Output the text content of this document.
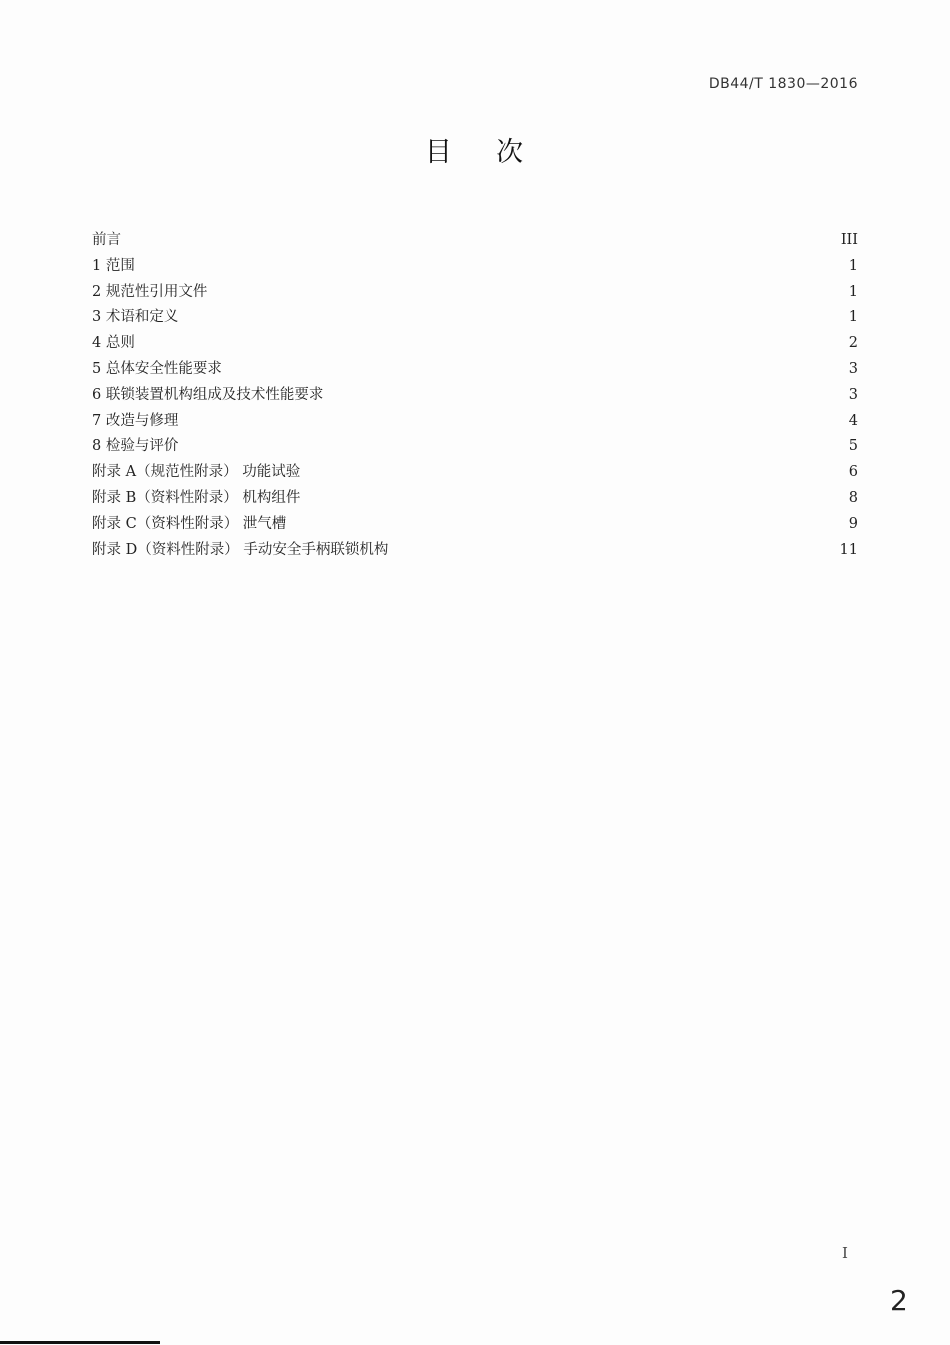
DB44/T 1830—2016
目    次
前言	III
1 范围	1
2 规范性引用文件	1
3 术语和定义	1
4 总则	2
5 总体安全性能要求	3
6 联锁装置机构组成及技术性能要求	3
7 改造与修理	4
8 检验与评价	5
附录 A（规范性附录） 功能试验	6
附录 B（资料性附录） 机构组件	8
附录 C（资料性附录） 泄气槽	9
附录 D（资料性附录） 手动安全手柄联锁机构	11
I
2
